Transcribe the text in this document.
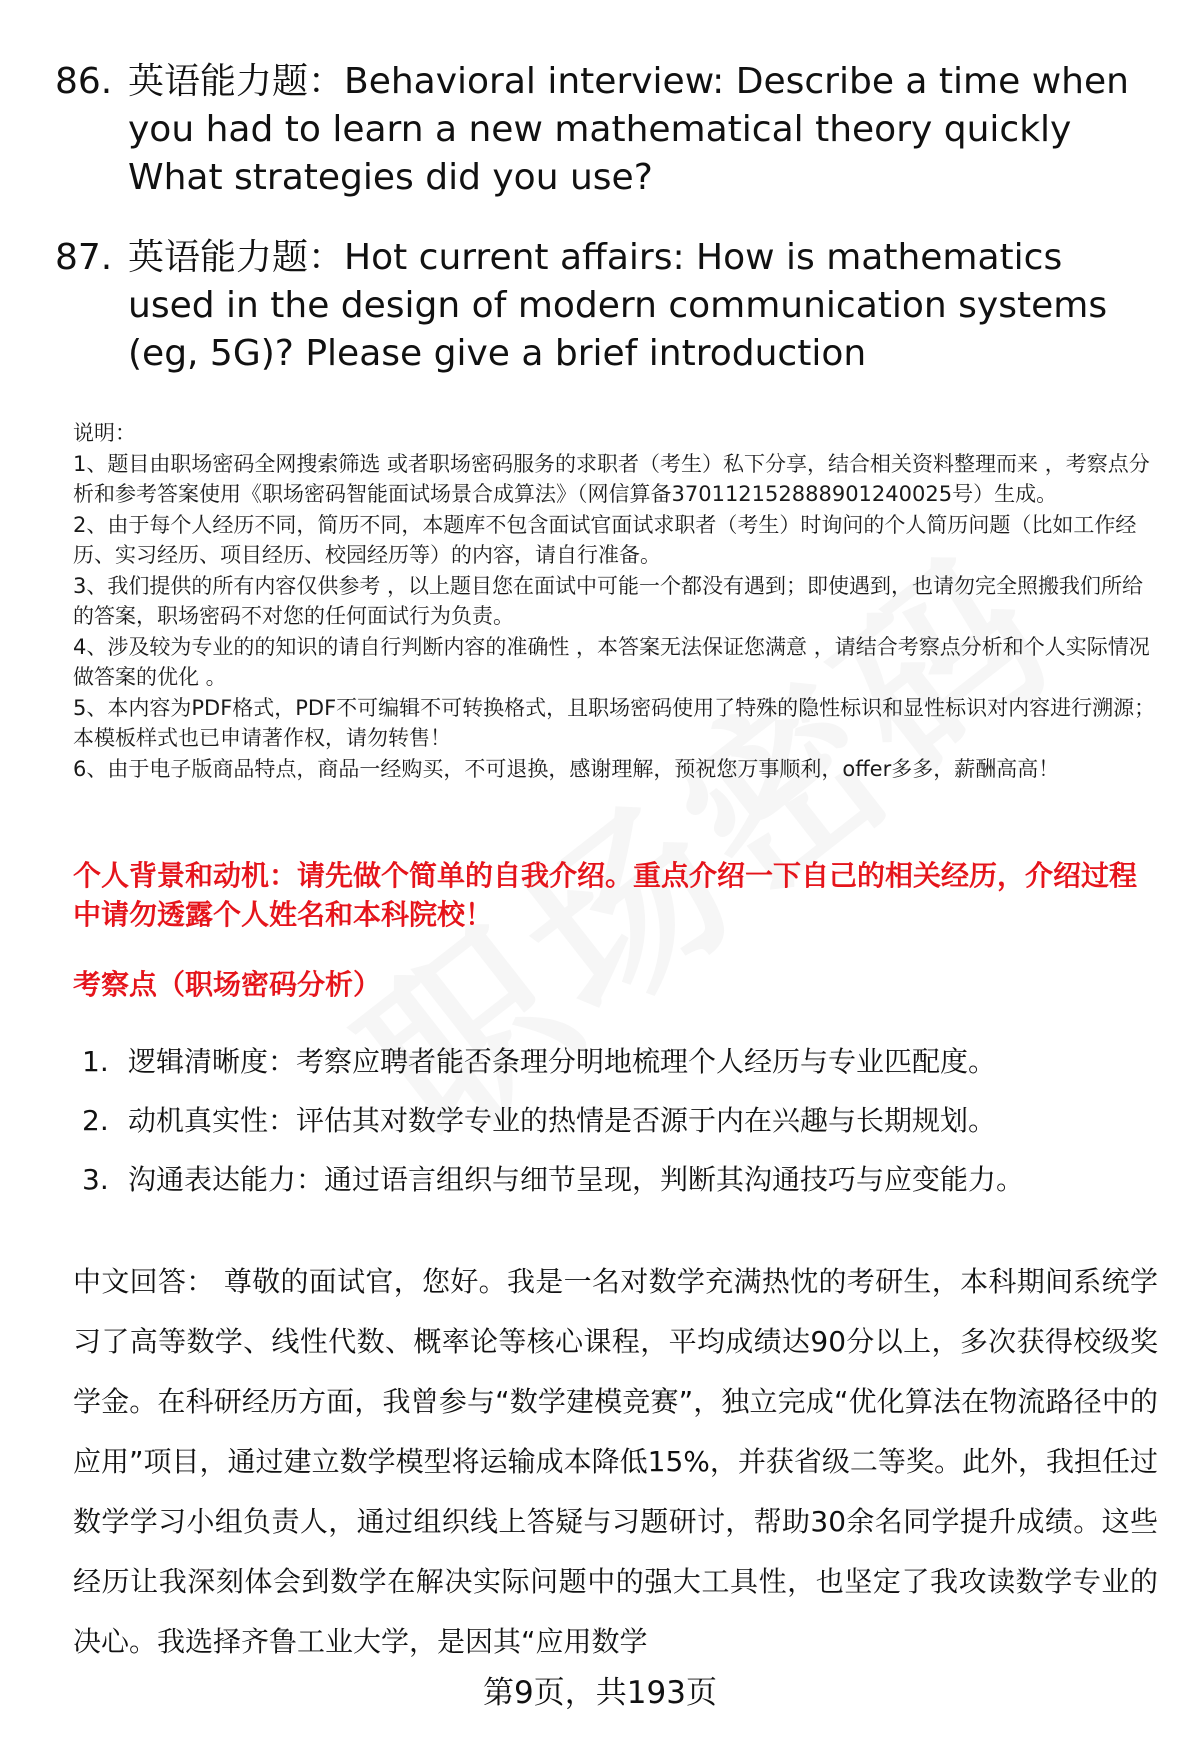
86. 英语能力题：Behavioral interview: Describe a time when you had to learn a new mathematical theory quickly What strategies did you use?
87. 英语能力题：Hot current affairs: How is mathematics used in the design of modern communication systems (eg, 5G)? Please give a brief introduction

说明：

1、题目由职场密码全网搜索筛选 或者职场密码服务的求职者（考生）私下分享，结合相关资料整理而来 ，考察点分析和参考答案使用《职场密码智能面试场景合成算法》（网信算备370112152888901240025号）生成。

2、由于每个人经历不同，简历不同，本题库不包含面试官面试求职者（考生）时询问的个人简历问题（比如工作经历、实习经历、项目经历、校园经历等）的内容，请自行准备。

3、我们提供的所有内容仅供参考 ，以上题目您在面试中可能一个都没有遇到；即使遇到，也请勿完全照搬我们所给的答案，职场密码不对您的任何面试行为负责。

4、涉及较为专业的的知识的请自行判断内容的准确性 ，本答案无法保证您满意 ，请结合考察点分析和个人实际情况做答案的优化 。

5、本内容为PDF格式，PDF不可编辑不可转换格式，且职场密码使用了特殊的隐性标识和显性标识对内容进行溯源；本模板样式也已申请著作权，请勿转售！

6、由于电子版商品特点，商品一经购买，不可退换，感谢理解，预祝您万事顺利，offer多多，薪酬高高！

个人背景和动机：请先做个简单的自我介绍。重点介绍一下自己的相关经历，介绍过程中请勿透露个人姓名和本科院校！
考察点（职场密码分析）
1. 逻辑清晰度：考察应聘者能否条理分明地梳理个人经历与专业匹配度。
2. 动机真实性：评估其对数学专业的热情是否源于内在兴趣与长期规划。
3. 沟通表达能力：通过语言组织与细节呈现，判断其沟通技巧与应变能力。

中文回答： 尊敬的面试官，您好。我是一名对数学充满热忱的考研生，本科期间系统学习了高等数学、线性代数、概率论等核心课程，平均成绩达90分以上，多次获得校级奖学金。在科研经历方面，我曾参与“数学建模竞赛”，独立完成“优化算法在物流路径中的应用”项目，通过建立数学模型将运输成本降低15%，并获省级二等奖。此外，我担任过数学学习小组负责人，通过组织线上答疑与习题研讨，帮助30余名同学提升成绩。这些经历让我深刻体会到数学在解决实际问题中的强大工具性，也坚定了我攻读数学专业的决心。我选择齐鲁工业大学，是因其“应用数学

第9页，共193页
